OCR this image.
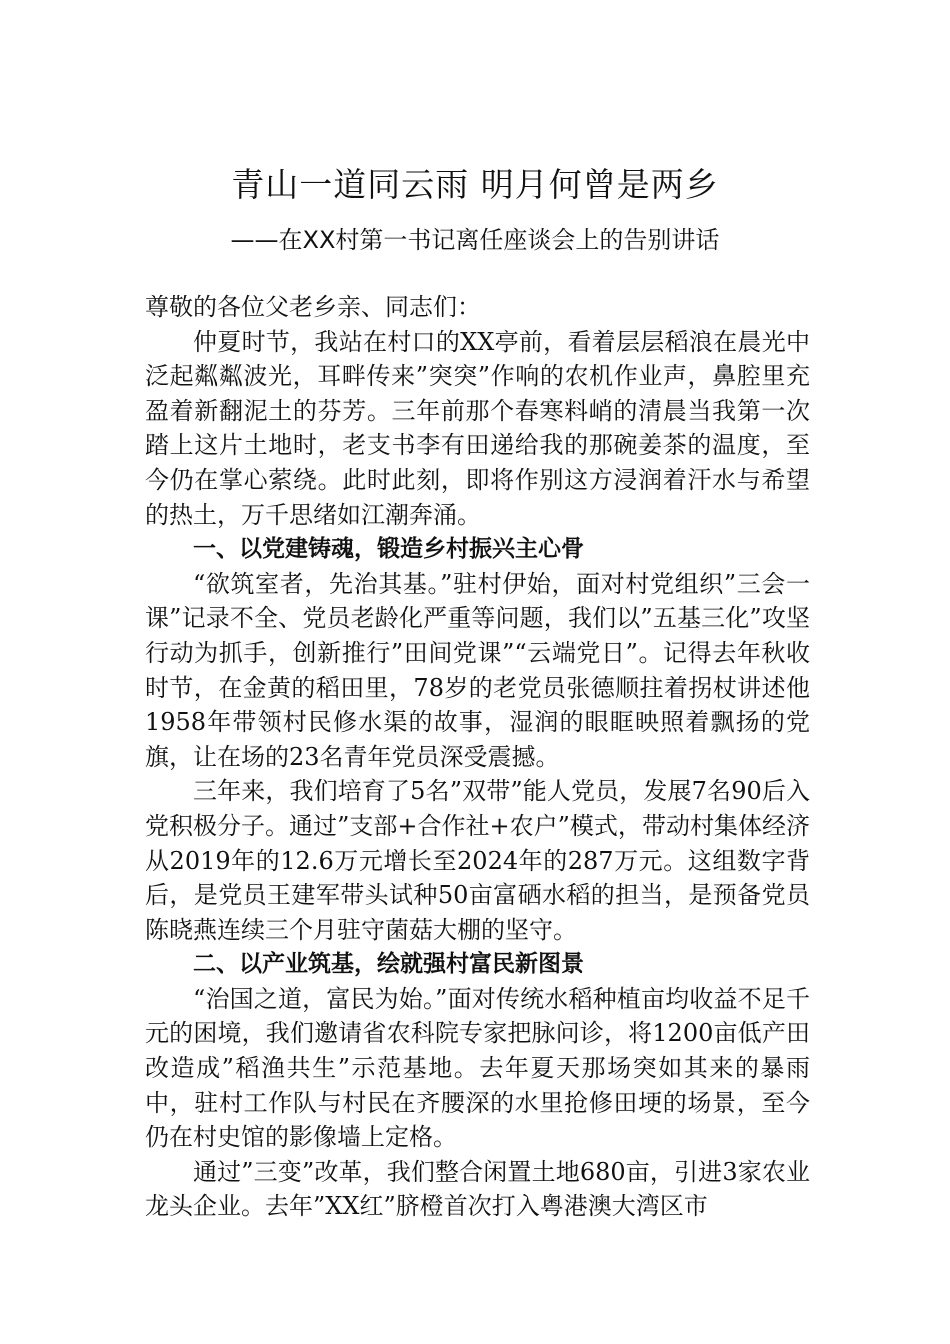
青山一道同云雨 明月何曾是两乡

——在XX村第一书记离任座谈会上的告别讲话

尊敬的各位父老乡亲、同志们：

仲夏时节，我站在村口的XX亭前，看着层层稻浪在晨光中泛起粼粼波光，耳畔传来”突突”作响的农机作业声，鼻腔里充盈着新翻泥土的芬芳。三年前那个春寒料峭的清晨当我第一次踏上这片土地时，老支书李有田递给我的那碗姜茶的温度，至今仍在掌心萦绕。此时此刻，即将作别这方浸润着汗水与希望的热土，万千思绪如江潮奔涌。

一、以党建铸魂，锻造乡村振兴主心骨

“欲筑室者，先治其基。”驻村伊始，面对村党组织”三会一课”记录不全、党员老龄化严重等问题，我们以”五基三化”攻坚行动为抓手，创新推行”田间党课”“云端党日”。记得去年秋收时节，在金黄的稻田里，78岁的老党员张德顺拄着拐杖讲述他1958年带领村民修水渠的故事，湿润的眼眶映照着飘扬的党旗，让在场的23名青年党员深受震撼。

三年来，我们培育了5名”双带”能人党员，发展7名90后入党积极分子。通过”支部+合作社+农户”模式，带动村集体经济从2019年的12.6万元增长至2024年的287万元。这组数字背后，是党员王建军带头试种50亩富硒水稻的担当，是预备党员陈晓燕连续三个月驻守菌菇大棚的坚守。

二、以产业筑基，绘就强村富民新图景

“治国之道，富民为始。”面对传统水稻种植亩均收益不足千元的困境，我们邀请省农科院专家把脉问诊，将1200亩低产田改造成”稻渔共生”示范基地。去年夏天那场突如其来的暴雨中，驻村工作队与村民在齐腰深的水里抢修田埂的场景，至今仍在村史馆的影像墙上定格。

通过”三变”改革，我们整合闲置土地680亩，引进3家农业龙头企业。去年”XX红”脐橙首次打入粤港澳大湾区市
